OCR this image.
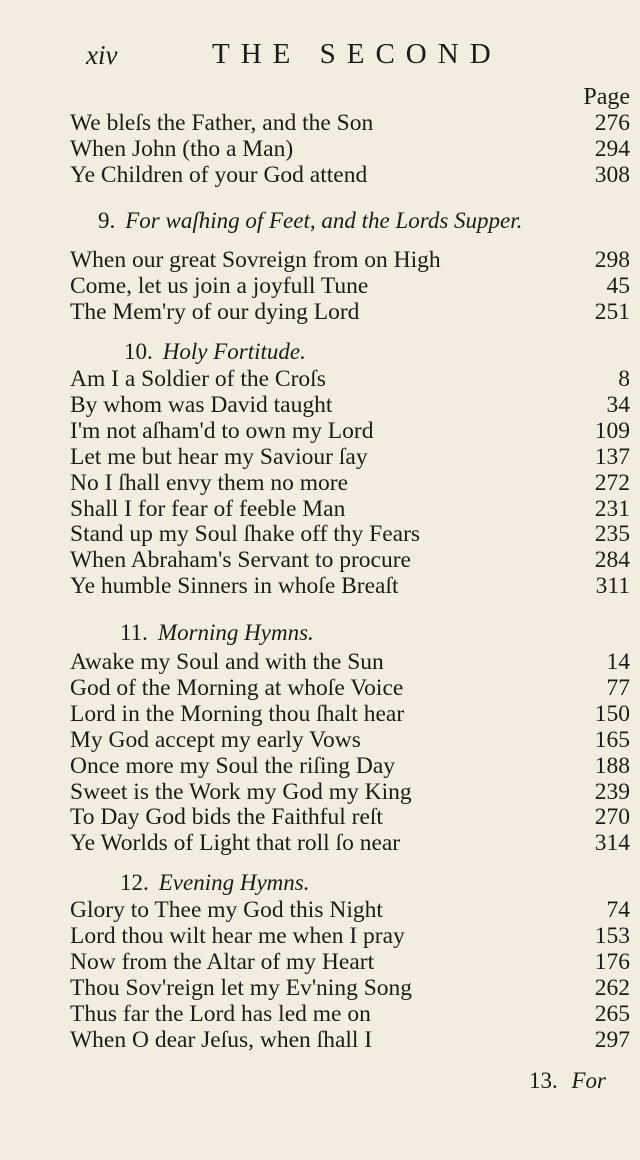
xiv	THE SECOND
Page
We bleſs the Father, and the Son	276
When John (tho a Man)	294
Ye Children of your God attend	308
9. For waſhing of Feet, and the Lords Supper.
When our great Sovreign from on High	298
Come, let us join a joyfull Tune	45
The Mem'ry of our dying Lord	251
10. Holy Fortitude.
Am I a Soldier of the Croſs	8
By whom was David taught	34
I'm not aſham'd to own my Lord	109
Let me but hear my Saviour ſay	137
No I ſhall envy them no more	272
Shall I for fear of feeble Man	231
Stand up my Soul ſhake off thy Fears	235
When Abraham's Servant to procure	284
Ye humble Sinners in whoſe Breaſt	311
11. Morning Hymns.
Awake my Soul and with the Sun	14
God of the Morning at whoſe Voice	77
Lord in the Morning thou ſhalt hear	150
My God accept my early Vows	165
Once more my Soul the riſing Day	188
Sweet is the Work my God my King	239
To Day God bids the Faithful reſt	270
Ye Worlds of Light that roll ſo near	314
12. Evening Hymns.
Glory to Thee my God this Night	74
Lord thou wilt hear me when I pray	153
Now from the Altar of my Heart	176
Thou Sov'reign let my Ev'ning Song	262
Thus far the Lord has led me on	265
When O dear Jeſus, when ſhall I	297
13. For
